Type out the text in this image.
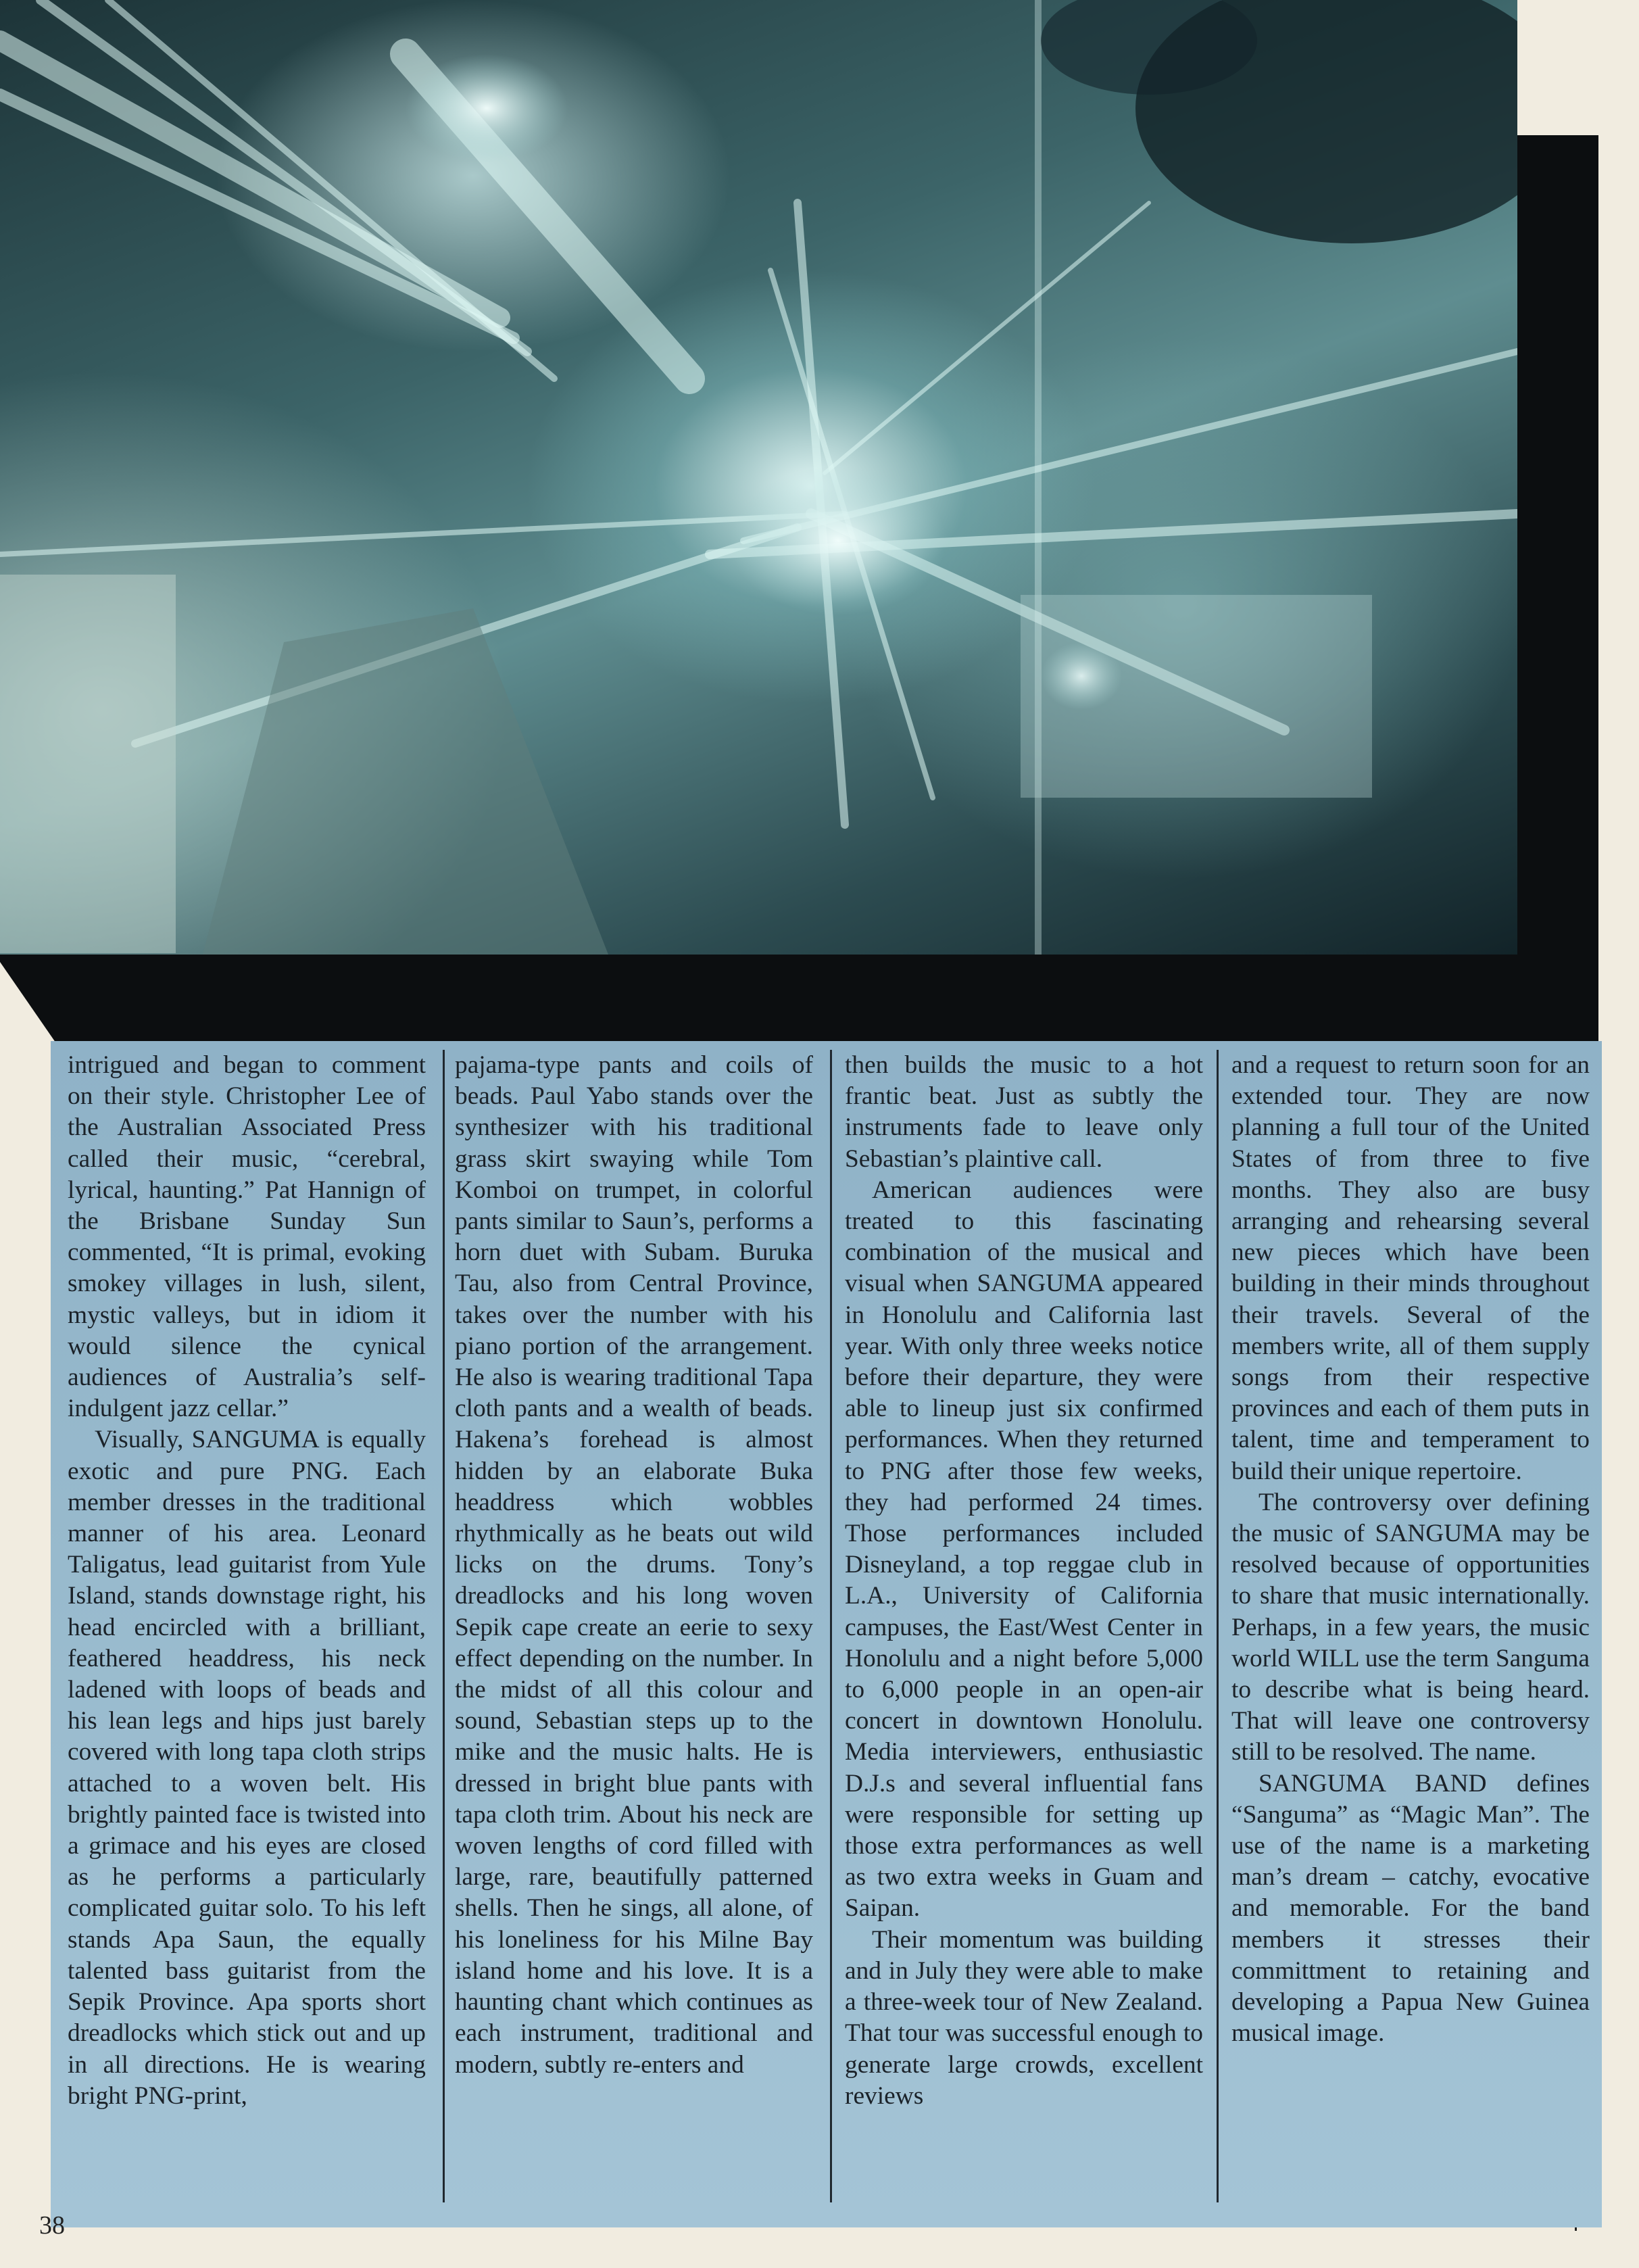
intrigued and began to comment on their style. Christopher Lee of the Australian Associated Press called their music, “cerebral, lyrical, haunting.” Pat Hannign of the Brisbane Sunday Sun commented, “It is primal, evoking smokey villages in lush, silent, mystic valleys, but in idiom it would silence the cynical audiences of Australia’s self-indulgent jazz cellar.”

Visually, SANGUMA is equally exotic and pure PNG. Each member dresses in the traditional manner of his area. Leonard Taligatus, lead guitarist from Yule Island, stands downstage right, his head encircled with a brilliant, feathered headdress, his neck ladened with loops of beads and his lean legs and hips just barely covered with long tapa cloth strips attached to a woven belt. His brightly painted face is twisted into a grimace and his eyes are closed as he performs a particularly complicated guitar solo. To his left stands Apa Saun, the equally talented bass guitarist from the Sepik Province. Apa sports short dreadlocks which stick out and up in all directions. He is wearing bright PNG-print,

pajama-type pants and coils of beads. Paul Yabo stands over the synthesizer with his traditional grass skirt swaying while Tom Komboi on trumpet, in colorful pants similar to Saun’s, performs a horn duet with Subam. Buruka Tau, also from Central Province, takes over the number with his piano portion of the arrangement. He also is wearing traditional Tapa cloth pants and a wealth of beads. Hakena’s forehead is almost hidden by an elaborate Buka headdress which wobbles rhythmically as he beats out wild licks on the drums. Tony’s dreadlocks and his long woven Sepik cape create an eerie to sexy effect depending on the number. In the midst of all this colour and sound, Sebastian steps up to the mike and the music halts. He is dressed in bright blue pants with tapa cloth trim. About his neck are woven lengths of cord filled with large, rare, beautifully patterned shells. Then he sings, all alone, of his loneliness for his Milne Bay island home and his love. It is a haunting chant which continues as each instrument, traditional and modern, subtly re-enters and

then builds the music to a hot frantic beat. Just as subtly the instruments fade to leave only Sebastian’s plaintive call.

American audiences were treated to this fascinating combination of the musical and visual when SANGUMA appeared in Honolulu and California last year. With only three weeks notice before their departure, they were able to lineup just six confirmed performances. When they returned to PNG after those few weeks, they had performed 24 times. Those performances included Disneyland, a top reggae club in L.A., University of California campuses, the East/West Center in Honolulu and a night before 5,000 to 6,000 people in an open-air concert in downtown Honolulu. Media interviewers, enthusiastic D.J.s and several influential fans were responsible for setting up those extra performances as well as two extra weeks in Guam and Saipan.

Their momentum was building and in July they were able to make a three-week tour of New Zealand. That tour was successful enough to generate large crowds, excellent reviews

and a request to return soon for an extended tour. They are now planning a full tour of the United States of from three to five months. They also are busy arranging and rehearsing several new pieces which have been building in their minds throughout their travels. Several of the members write, all of them supply songs from their respective provinces and each of them puts in talent, time and temperament to build their unique repertoire.

The controversy over defining the music of SANGUMA may be resolved because of opportunities to share that music internationally. Perhaps, in a few years, the music world WILL use the term Sanguma to describe what is being heard. That will leave one controversy still to be resolved. The name.

SANGUMA BAND defines “Sanguma” as “Magic Man”. The use of the name is a marketing man’s dream – catchy, evocative and memorable. For the band members it stresses their committment to retaining and developing a Papua New Guinea musical image.

38
